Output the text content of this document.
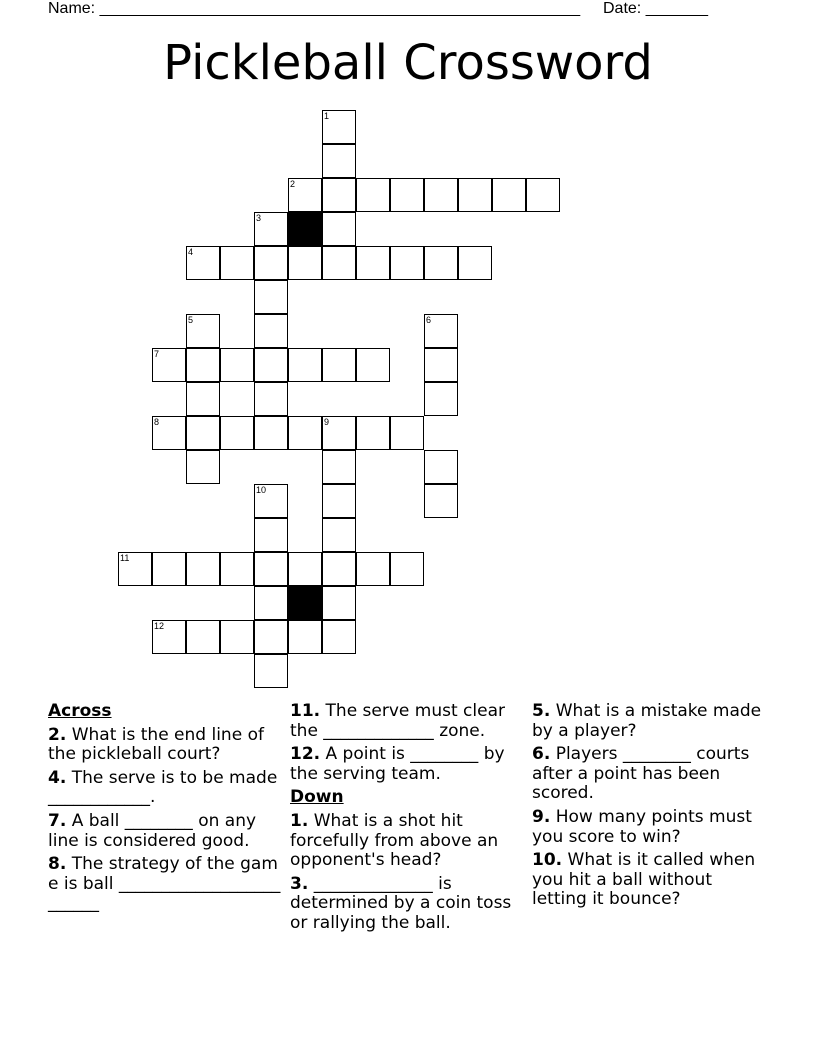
Name: ______________________________________________________ Date: _______
Pickleball Crossword
1
2
3
4
5	6
7
8	9
10
11
12
Across
2. What is the end line of the pickleball court?
4. The serve is to be made ____________.
7. A ball ________ on any line is considered good.
8. The strategy of the game is ball _________________________
11. The serve must clear the _____________ zone.
12. A point is ________ by the serving team.
Down
1. What is a shot hit forcefully from above an opponent's head?
3. ______________ is determined by a coin toss or rallying the ball.
5. What is a mistake made by a player?
6. Players ________ courts after a point has been scored.
9. How many points must you score to win?
10. What is it called when you hit a ball without letting it bounce?
